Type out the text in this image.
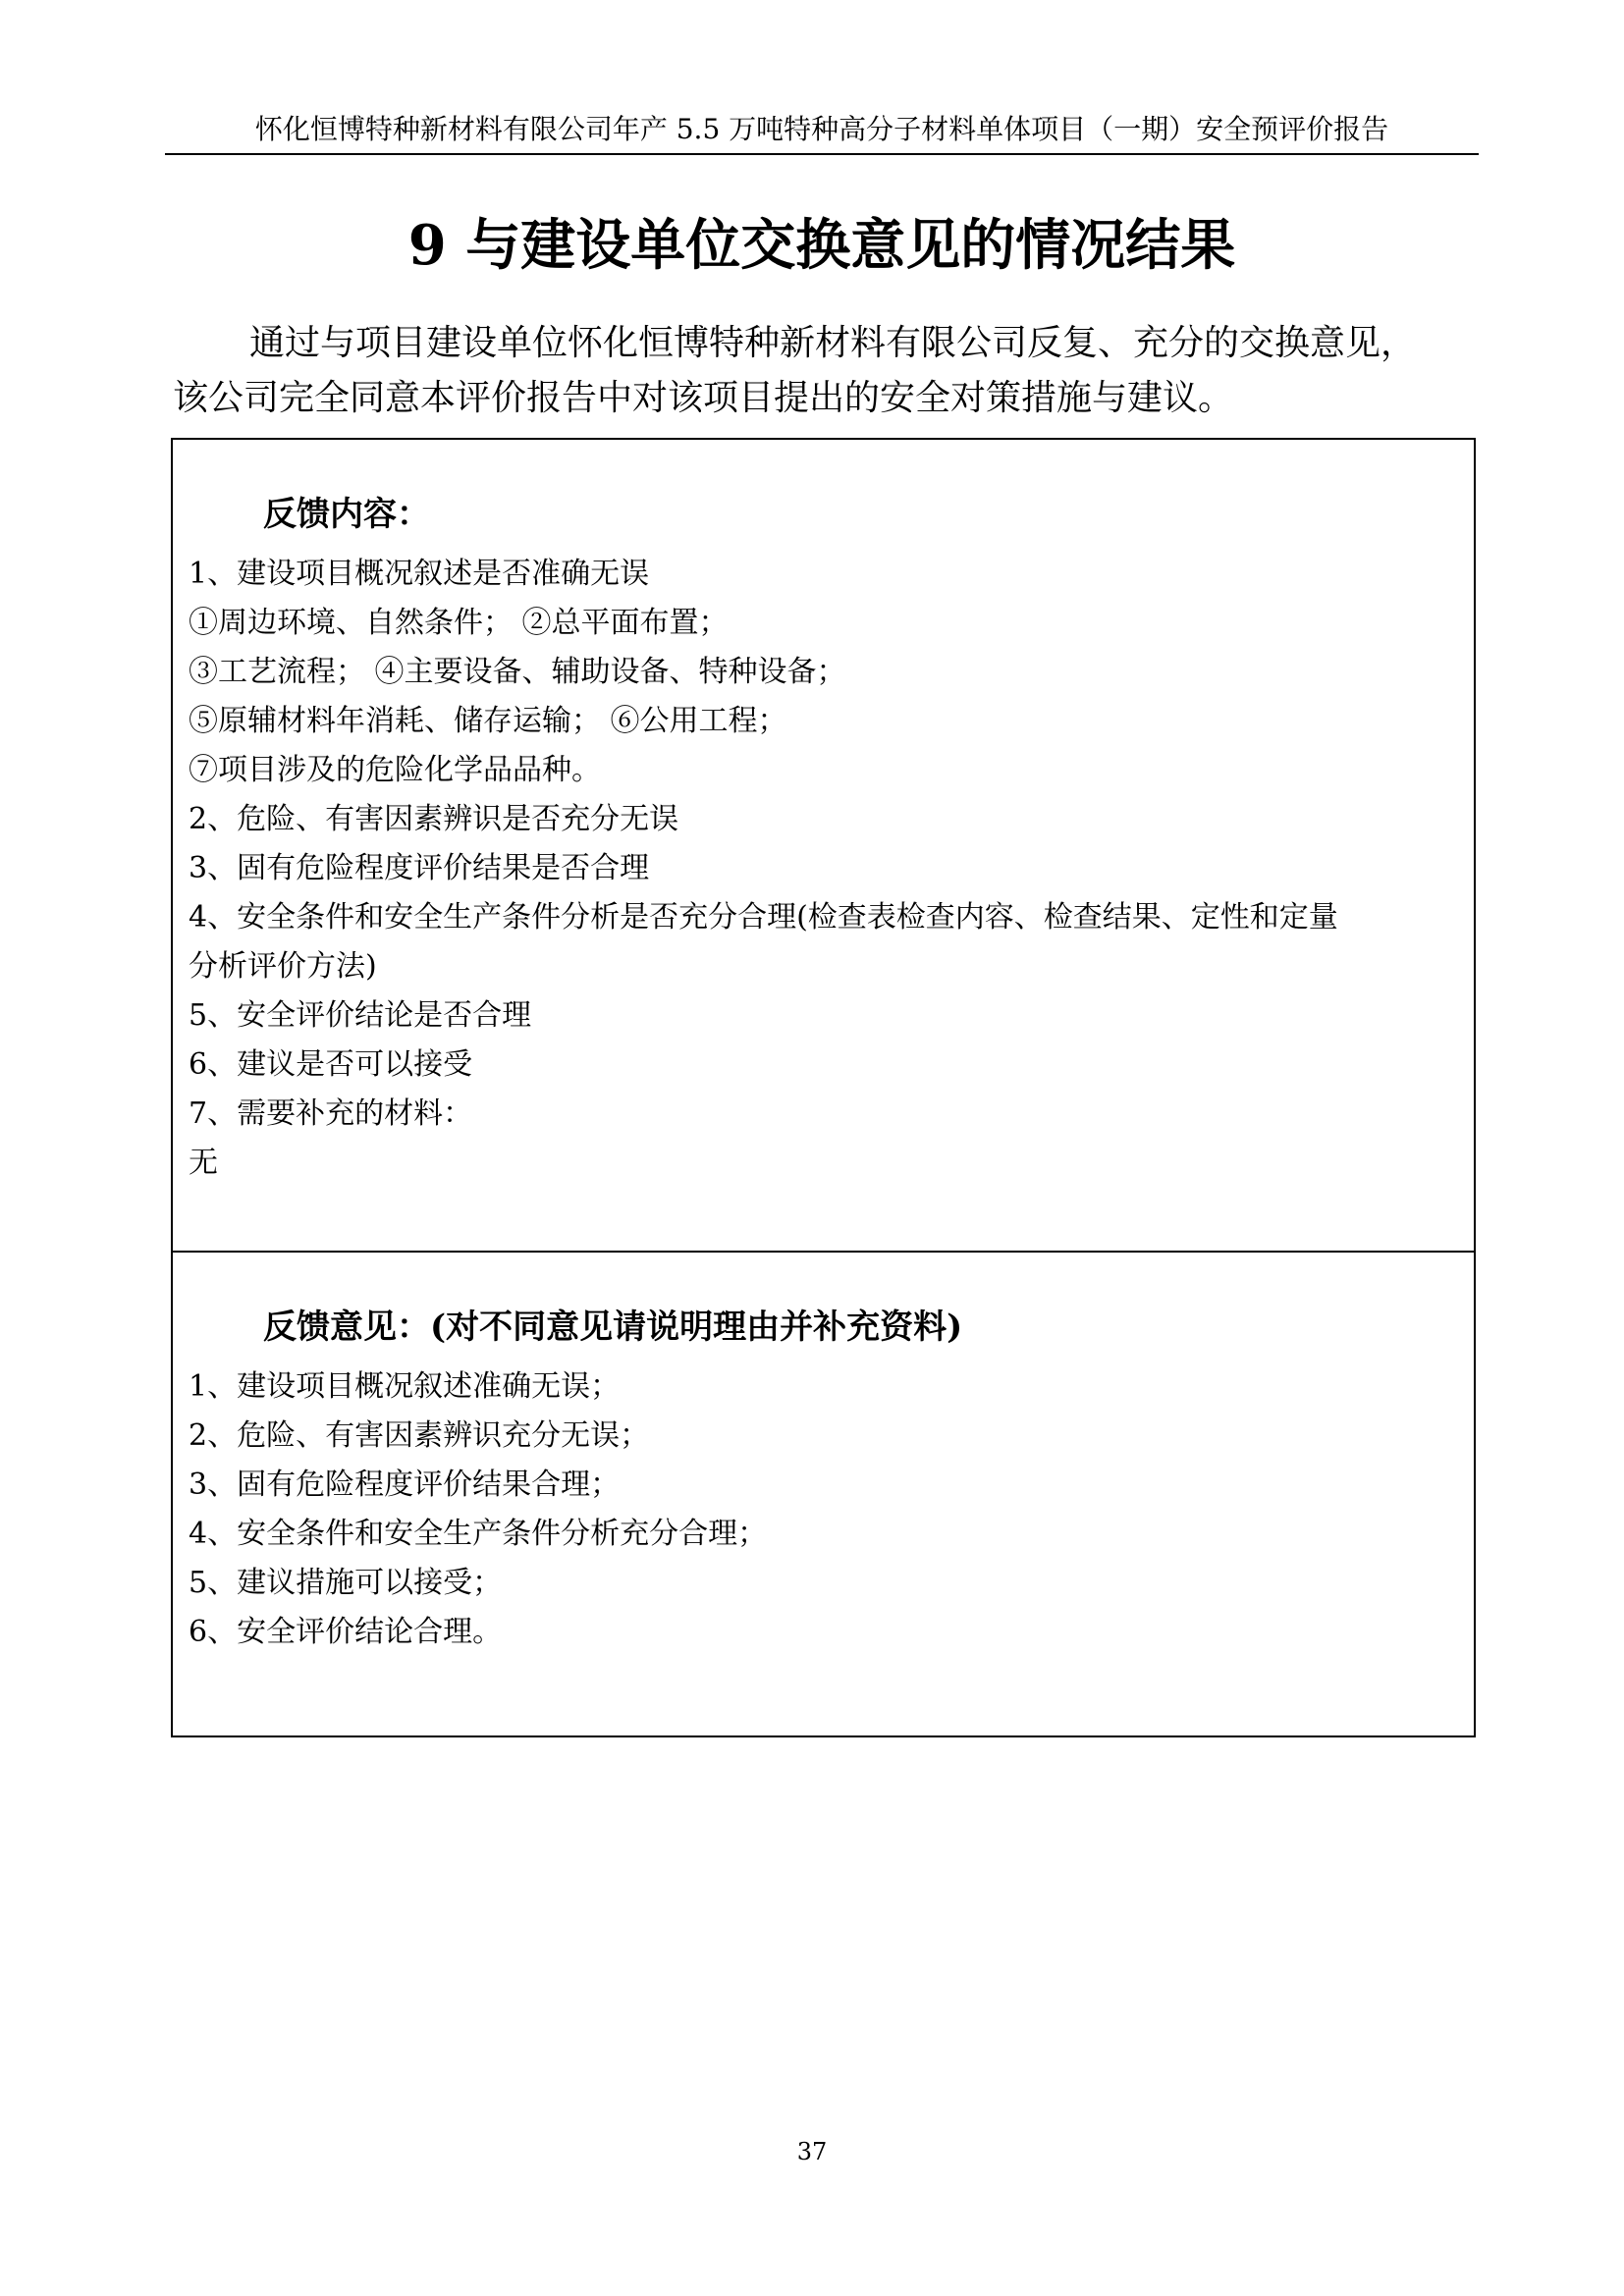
怀化恒博特种新材料有限公司年产 5.5 万吨特种高分子材料单体项目（一期）安全预评价报告
9 与建设单位交换意见的情况结果

通过与项目建设单位怀化恒博特种新材料有限公司反复、充分的交换意见，

该公司完全同意本评价报告中对该项目提出的安全对策措施与建议。

反馈内容：
1、建设项目概况叙述是否准确无误
①周边环境、自然条件； ②总平面布置；
③工艺流程； ④主要设备、辅助设备、特种设备；
⑤原辅材料年消耗、储存运输； ⑥公用工程；
⑦项目涉及的危险化学品品种。
2、危险、有害因素辨识是否充分无误
3、固有危险程度评价结果是否合理
4、安全条件和安全生产条件分析是否充分合理(检查表检查内容、检查结果、定性和定量
分析评价方法)
5、安全评价结论是否合理
6、建议是否可以接受
7、需要补充的材料：
无
反馈意见：(对不同意见请说明理由并补充资料)
1、建设项目概况叙述准确无误；
2、危险、有害因素辨识充分无误；
3、固有危险程度评价结果合理；
4、安全条件和安全生产条件分析充分合理；
5、建议措施可以接受；
6、安全评价结论合理。
37
